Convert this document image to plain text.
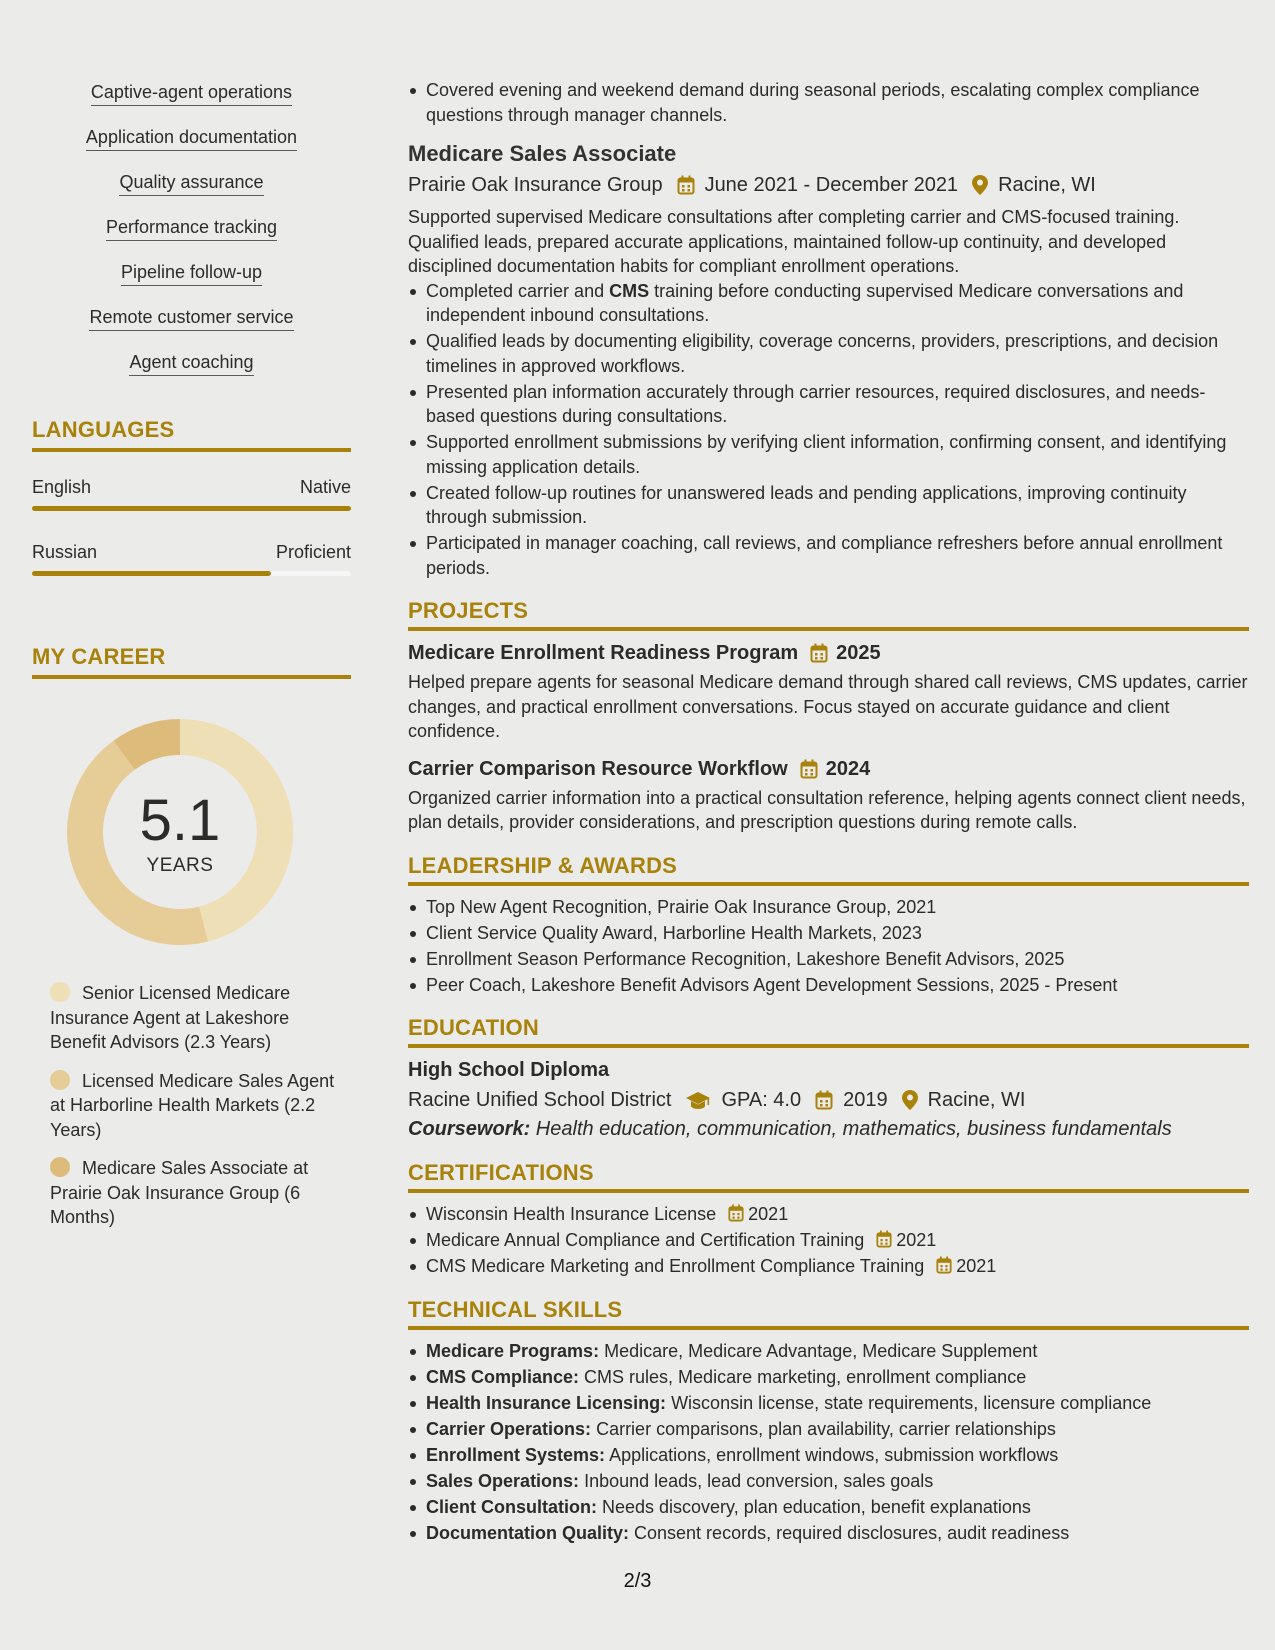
Captive-agent operations
Application documentation
Quality assurance
Performance tracking
Pipeline follow-up
Remote customer service
Agent coaching
LANGUAGES
English	Native
Russian	Proficient
MY CAREER
5.1
YEARS
Senior Licensed Medicare Insurance Agent at Lakeshore Benefit Advisors (2.3 Years)
Licensed Medicare Sales Agent at Harborline Health Markets (2.2 Years)
Medicare Sales Associate at Prairie Oak Insurance Group (6 Months)
Covered evening and weekend demand during seasonal periods, escalating complex compliance questions through manager channels.
Medicare Sales Associate
Prairie Oak Insurance Group June 2021 - December 2021 Racine, WI
Supported supervised Medicare consultations after completing carrier and CMS-focused training. Qualified leads, prepared accurate applications, maintained follow-up continuity, and developed disciplined documentation habits for compliant enrollment operations.
Completed carrier and CMS training before conducting supervised Medicare conversations and independent inbound consultations.
Qualified leads by documenting eligibility, coverage concerns, providers, prescriptions, and decision timelines in approved workflows.
Presented plan information accurately through carrier resources, required disclosures, and needs-based questions during consultations.
Supported enrollment submissions by verifying client information, confirming consent, and identifying missing application details.
Created follow-up routines for unanswered leads and pending applications, improving continuity through submission.
Participated in manager coaching, call reviews, and compliance refreshers before annual enrollment periods.
PROJECTS
Medicare Enrollment Readiness Program 2025
Helped prepare agents for seasonal Medicare demand through shared call reviews, CMS updates, carrier changes, and practical enrollment conversations. Focus stayed on accurate guidance and client confidence.
Carrier Comparison Resource Workflow 2024
Organized carrier information into a practical consultation reference, helping agents connect client needs, plan details, provider considerations, and prescription questions during remote calls.
LEADERSHIP & AWARDS
Top New Agent Recognition, Prairie Oak Insurance Group, 2021
Client Service Quality Award, Harborline Health Markets, 2023
Enrollment Season Performance Recognition, Lakeshore Benefit Advisors, 2025
Peer Coach, Lakeshore Benefit Advisors Agent Development Sessions, 2025 - Present
EDUCATION
High School Diploma
Racine Unified School District	GPA: 4.0 2019 Racine, WI
Coursework: Health education, communication, mathematics, business fundamentals
CERTIFICATIONS
Wisconsin Health Insurance License 2021
Medicare Annual Compliance and Certification Training 2021
CMS Medicare Marketing and Enrollment Compliance Training 2021
TECHNICAL SKILLS
Medicare Programs: Medicare, Medicare Advantage, Medicare Supplement
CMS Compliance: CMS rules, Medicare marketing, enrollment compliance
Health Insurance Licensing: Wisconsin license, state requirements, licensure compliance
Carrier Operations: Carrier comparisons, plan availability, carrier relationships
Enrollment Systems: Applications, enrollment windows, submission workflows
Sales Operations: Inbound leads, lead conversion, sales goals
Client Consultation: Needs discovery, plan education, benefit explanations
Documentation Quality: Consent records, required disclosures, audit readiness
2/3
